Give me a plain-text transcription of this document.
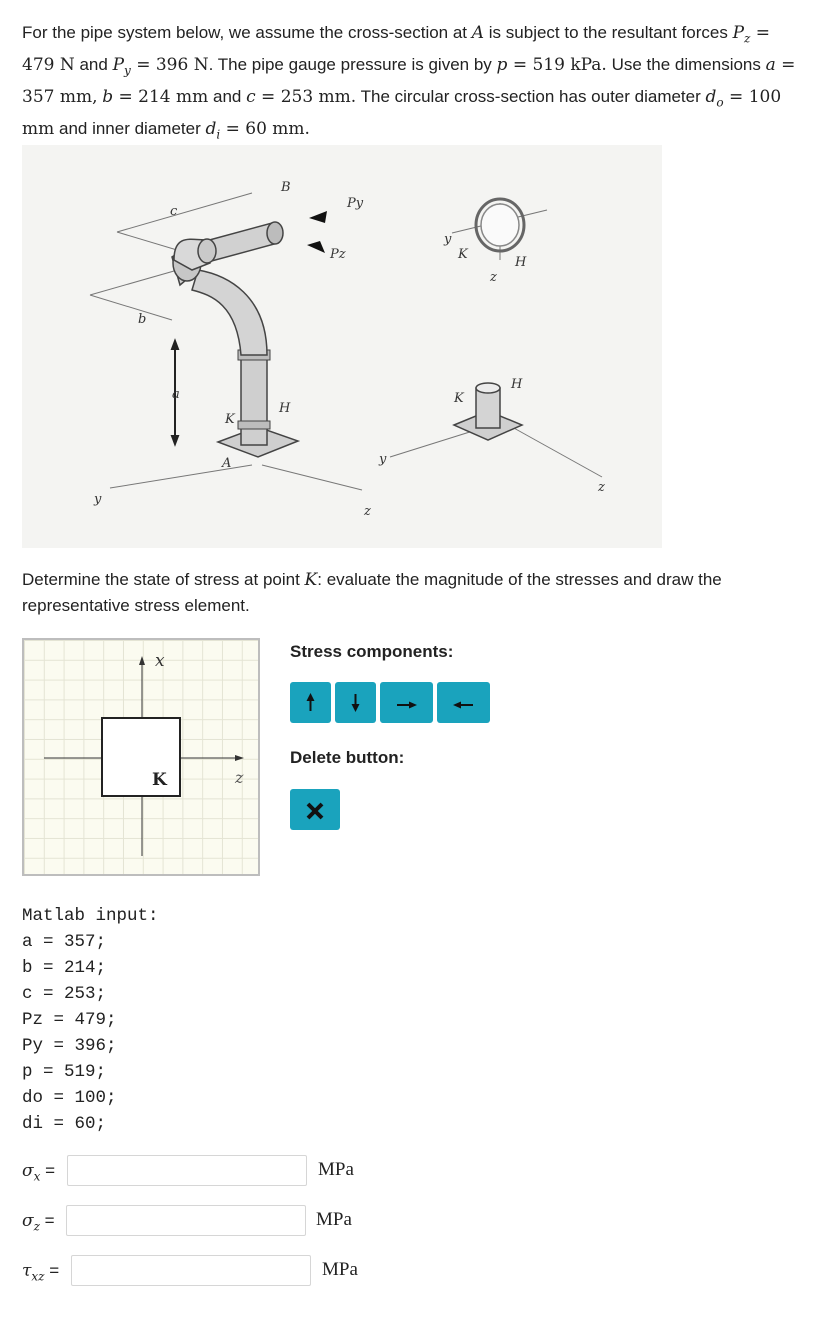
For the pipe system below, we assume the cross-section at A is subject to the resultant forces $P_z = 479$ N and $P_y = 396$ N. The pipe gauge pressure is given by p = 519 kPa. Use the dimensions a = 357 mm, b = 214 mm and c = 253 mm. The circular cross-section has outer diameter $d_o = 100$ mm and inner diameter $d_i = 60$ mm.
B
c
b
a
Py
Pz
K
H
A
y
z
y
z
K
H
y
K
z
H
Determine the state of stress at point K: evaluate the magnitude of the stresses and draw the representative stress element.
x
z
K
Stress components:
Delete button:
Matlab input:
a = 357;
b = 214;
c = 253;
Pz = 479;
Py = 396;
p = 519;
do = 100;
di = 60;
$\sigma_x$ =	MPa
$\sigma_z$ =	MPa
$\tau_{xz}$ =	MPa
